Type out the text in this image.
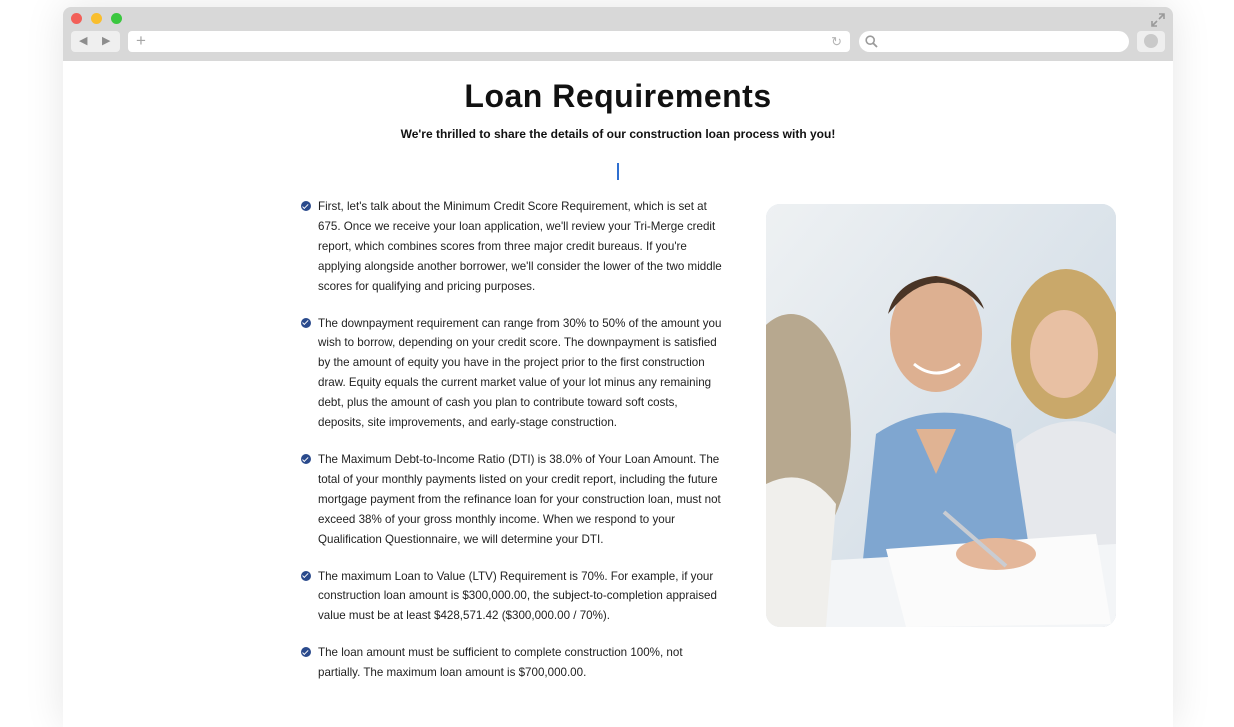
◀ ▶ +	↻
Loan Requirements
We're thrilled to share the details of our construction loan process with you!
First, let's talk about the Minimum Credit Score Requirement, which is set at 675. Once we receive your loan application, we'll review your Tri-Merge credit report, which combines scores from three major credit bureaus. If you're applying alongside another borrower, we'll consider the lower of the two middle scores for qualifying and pricing purposes.
The downpayment requirement can range from 30% to 50% of the amount you wish to borrow, depending on your credit score. The downpayment is satisfied by the amount of equity you have in the project prior to the first construction draw. Equity equals the current market value of your lot minus any remaining debt, plus the amount of cash you plan to contribute toward soft costs, deposits, site improvements, and early-stage construction.
The Maximum Debt-to-Income Ratio (DTI) is 38.0% of Your Loan Amount. The total of your monthly payments listed on your credit report, including the future mortgage payment from the refinance loan for your construction loan, must not exceed 38% of your gross monthly income. When we respond to your Qualification Questionnaire, we will determine your DTI.
The maximum Loan to Value (LTV) Requirement is 70%. For example, if your construction loan amount is $300,000.00, the subject-to-completion appraised value must be at least $428,571.42 ($300,000.00 / 70%).
The loan amount must be sufficient to complete construction 100%, not partially. The maximum loan amount is $700,000.00.
